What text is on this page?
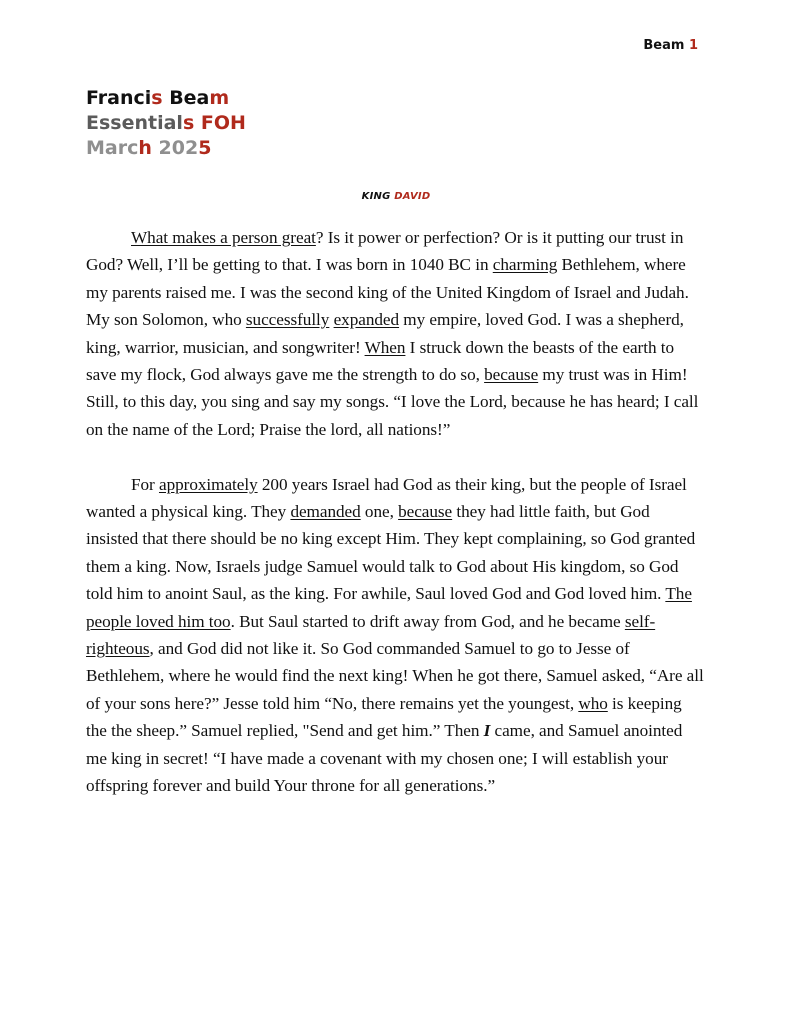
Beam 1
Francis Beam
Essentials FOH
March 2025
KING DAVID

What makes a person great? Is it power or perfection? Or is it putting our trust in God? Well, I’ll be getting to that. I was born in 1040 BC in charming Bethlehem, where my parents raised me. I was the second king of the United Kingdom of Israel and Judah. My son Solomon, who successfully expanded my empire, loved God. I was a shepherd, king, warrior, musician, and songwriter! When I struck down the beasts of the earth to save my flock, God always gave me the strength to do so, because my trust was in Him! Still, to this day, you sing and say my songs. “I love the Lord, because he has heard; I call on the name of the Lord; Praise the lord, all nations!”

For approximately 200 years Israel had God as their king, but the people of Israel wanted a physical king. They demanded one, because they had little faith, but God insisted that there should be no king except Him. They kept complaining, so God granted them a king. Now, Israels judge Samuel would talk to God about His kingdom, so God told him to anoint Saul, as the king. For awhile, Saul loved God and God loved him. The people loved him too. But Saul started to drift away from God, and he became self-righteous, and God did not like it. So God commanded Samuel to go to Jesse of Bethlehem, where he would find the next king! When he got there, Samuel asked, “Are all of your sons here?” Jesse told him “No, there remains yet the youngest, who is keeping the the sheep.” Samuel replied, "Send and get him.” Then I came, and Samuel anointed me king in secret! “I have made a covenant with my chosen one; I will establish your offspring forever and build Your throne for all generations.”
